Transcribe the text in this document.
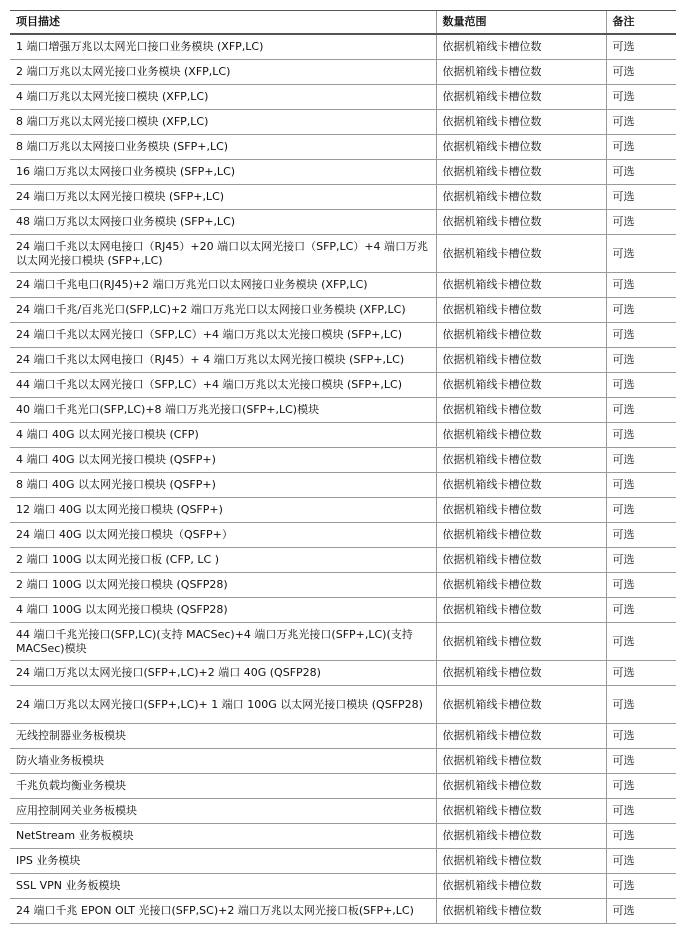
项目描述	数量范围	备注
1 端口增强万兆以太网光口接口业务模块 (XFP,LC)	依据机箱线卡槽位数	可选
2 端口万兆以太网光接口业务模块 (XFP,LC)	依据机箱线卡槽位数	可选
4 端口万兆以太网光接口模块 (XFP,LC)	依据机箱线卡槽位数	可选
8 端口万兆以太网光接口模块 (XFP,LC)	依据机箱线卡槽位数	可选
8 端口万兆以太网接口业务模块 (SFP+,LC)	依据机箱线卡槽位数	可选
16 端口万兆以太网接口业务模块 (SFP+,LC)	依据机箱线卡槽位数	可选
24 端口万兆以太网光接口模块 (SFP+,LC)	依据机箱线卡槽位数	可选
48 端口万兆以太网接口业务模块 (SFP+,LC)	依据机箱线卡槽位数	可选
24 端口千兆以太网电接口（RJ45）+20 端口以太网光接口（SFP,LC）+4 端口万兆以太网光接口模块 (SFP+,LC)	依据机箱线卡槽位数	可选
24 端口千兆电口(RJ45)+2 端口万兆光口以太网接口业务模块 (XFP,LC)	依据机箱线卡槽位数	可选
24 端口千兆/百兆光口(SFP,LC)+2 端口万兆光口以太网接口业务模块 (XFP,LC)	依据机箱线卡槽位数	可选
24 端口千兆以太网光接口（SFP,LC）+4 端口万兆以太光接口模块 (SFP+,LC)	依据机箱线卡槽位数	可选
24 端口千兆以太网电接口（RJ45）+ 4 端口万兆以太网光接口模块 (SFP+,LC)	依据机箱线卡槽位数	可选
44 端口千兆以太网光接口（SFP,LC）+4 端口万兆以太光接口模块 (SFP+,LC)	依据机箱线卡槽位数	可选
40 端口千兆光口(SFP,LC)+8 端口万兆光接口(SFP+,LC)模块	依据机箱线卡槽位数	可选
4 端口 40G 以太网光接口模块 (CFP)	依据机箱线卡槽位数	可选
4 端口 40G 以太网光接口模块 (QSFP+)	依据机箱线卡槽位数	可选
8 端口 40G 以太网光接口模块 (QSFP+)	依据机箱线卡槽位数	可选
12 端口 40G 以太网光接口模块 (QSFP+)	依据机箱线卡槽位数	可选
24 端口 40G 以太网光接口模块（QSFP+）	依据机箱线卡槽位数	可选
2 端口 100G 以太网光接口板 (CFP, LC )	依据机箱线卡槽位数	可选
2 端口 100G 以太网光接口模块 (QSFP28)	依据机箱线卡槽位数	可选
4 端口 100G 以太网光接口模块 (QSFP28)	依据机箱线卡槽位数	可选
44 端口千兆光接口(SFP,LC)(支持 MACSec)+4 端口万兆光接口(SFP+,LC)(支持 MACSec)模块	依据机箱线卡槽位数	可选
24 端口万兆以太网光接口(SFP+,LC)+2 端口 40G (QSFP28)	依据机箱线卡槽位数	可选
24 端口万兆以太网光接口(SFP+,LC)+ 1 端口 100G 以太网光接口模块 (QSFP28)	依据机箱线卡槽位数	可选
无线控制器业务板模块	依据机箱线卡槽位数	可选
防火墙业务板模块	依据机箱线卡槽位数	可选
千兆负载均衡业务模块	依据机箱线卡槽位数	可选
应用控制网关业务板模块	依据机箱线卡槽位数	可选
NetStream 业务板模块	依据机箱线卡槽位数	可选
IPS 业务模块	依据机箱线卡槽位数	可选
SSL VPN 业务板模块	依据机箱线卡槽位数	可选
24 端口千兆 EPON OLT 光接口(SFP,SC)+2 端口万兆以太网光接口板(SFP+,LC)	依据机箱线卡槽位数	可选
